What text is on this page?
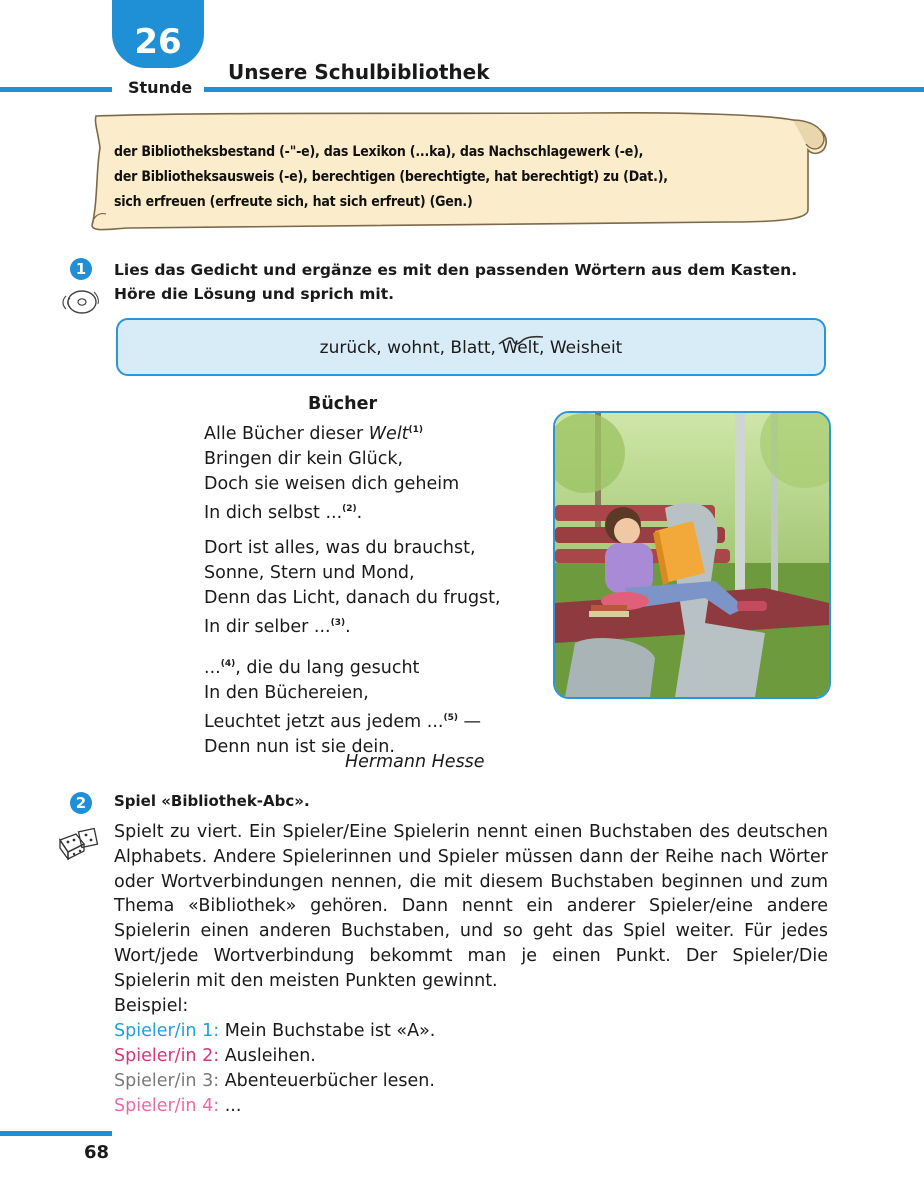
26
Stunde
Unsere Schulbibliothek
der Bibliotheksbestand (-"-e), das Lexikon (...ka), das Nachschlagewerk (-e),
der Bibliotheksausweis (-e), berechtigen (berechtigte, hat berechtigt) zu (Dat.),
sich erfreuen (erfreute sich, hat sich erfreut) (Gen.)
1	Lies das Gedicht und ergänze es mit den passenden Wörtern aus dem Kasten.
Höre die Lösung und sprich mit.
zurück, wohnt, Blatt, Welt
, Weisheit
Bücher
Alle Bücher dieser Welt$^{(1)}$
Bringen dir kein Glück,
Doch sie weisen dich geheim
In dich selbst ...$^{(2)}$.
Dort ist alles, was du brauchst,
Sonne, Stern und Mond,
Denn das Licht, danach du frugst,
In dir selber ...$^{(3)}$.
...$^{(4)}$, die du lang gesucht
In den Büchereien,
Leuchtet jetzt aus jedem ...$^{(5)}$ —
Denn nun ist sie dein.
Hermann Hesse
2	Spiel «Bibliothek-Abc».
Spielt zu viert. Ein Spieler/Eine Spielerin nennt einen Buchstaben des deutschen Alphabets. Andere Spielerinnen und Spieler müssen dann der Reihe nach Wörter oder Wortverbindungen nennen, die mit diesem Buchstaben beginnen und zum Thema «Bibliothek» gehören. Dann nennt ein anderer Spieler/eine andere Spielerin einen anderen Buchstaben, und so geht das Spiel weiter. Für jedes Wort/jede Wortverbindung bekommt man je einen Punkt. Der Spieler/Die Spielerin mit den meisten Punkten gewinnt.
Beispiel:
Spieler/in 1: Mein Buchstabe ist «A».
Spieler/in 2: Ausleihen.
Spieler/in 3: Abenteuerbücher lesen.
Spieler/in 4: ...
68
